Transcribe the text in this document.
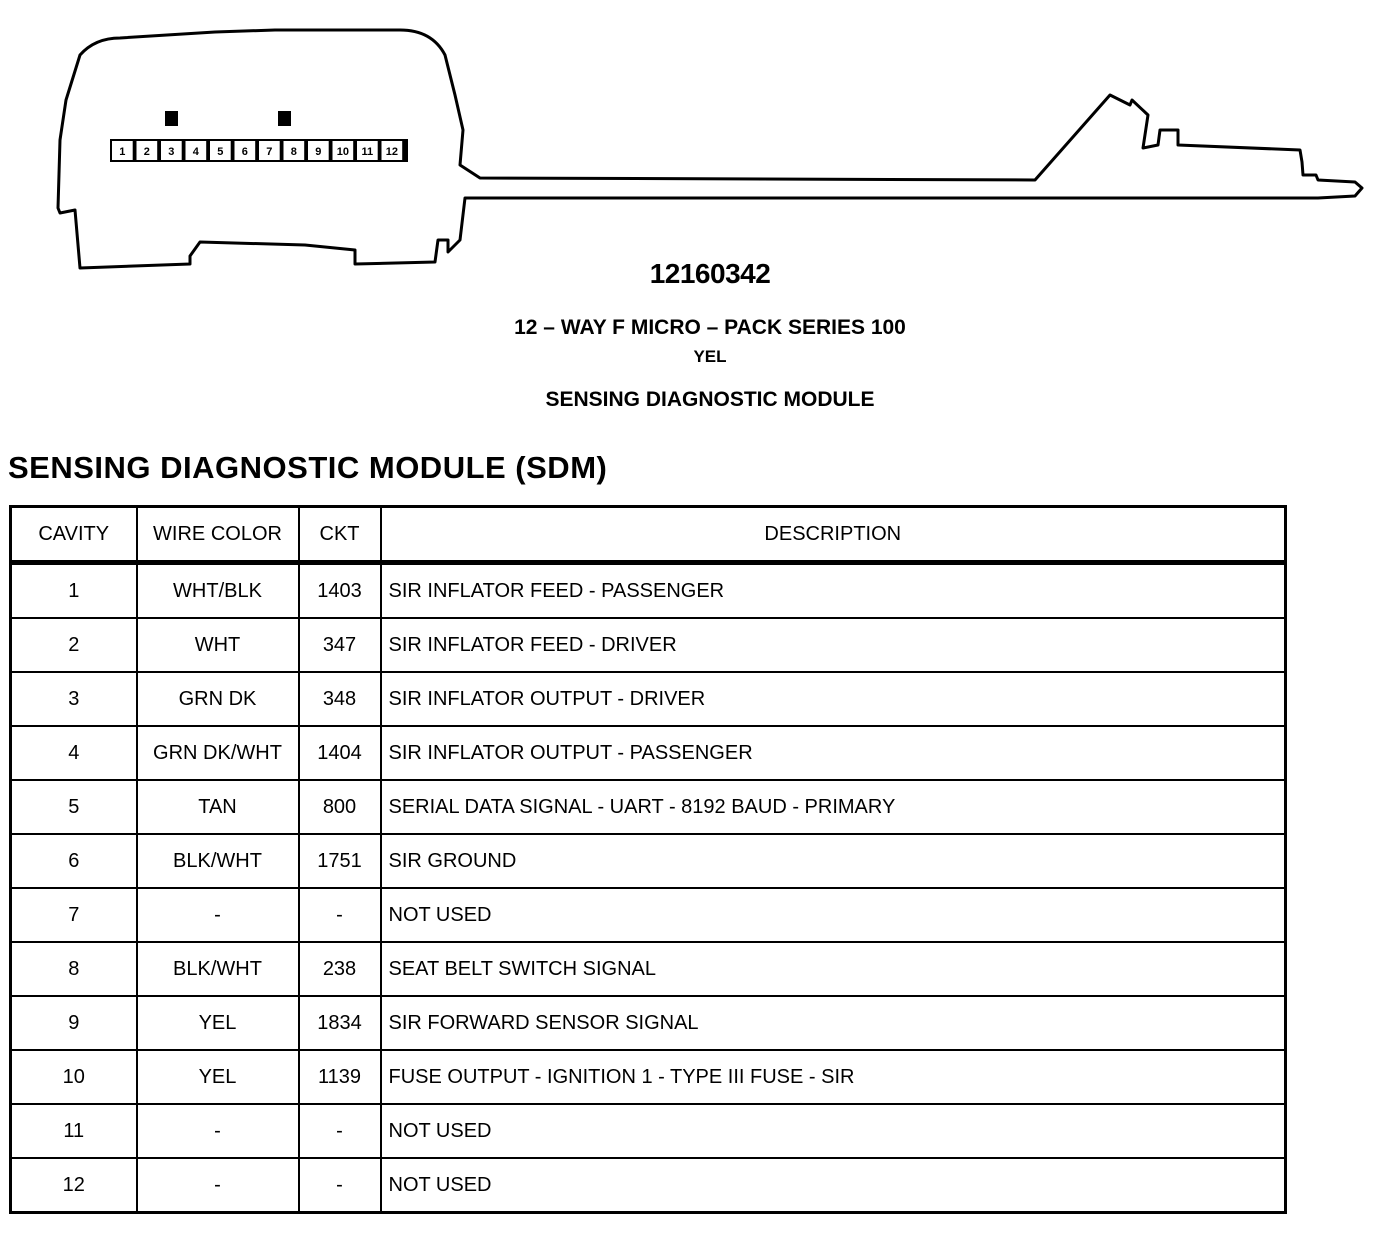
1 2 3 4 5 6 7 8 9 10 11 12
12160342
12 – WAY F MICRO – PACK SERIES 100
YEL
SENSING DIAGNOSTIC MODULE
SENSING DIAGNOSTIC MODULE (SDM)
CAVITY	WIRE COLOR	CKT	DESCRIPTION
1	WHT/BLK	1403	SIR INFLATOR FEED - PASSENGER
2	WHT	347	SIR INFLATOR FEED - DRIVER
3	GRN DK	348	SIR INFLATOR OUTPUT - DRIVER
4	GRN DK/WHT	1404	SIR INFLATOR OUTPUT - PASSENGER
5	TAN	800	SERIAL DATA SIGNAL - UART - 8192 BAUD - PRIMARY
6	BLK/WHT	1751	SIR GROUND
7	-	-	NOT USED
8	BLK/WHT	238	SEAT BELT SWITCH SIGNAL
9	YEL	1834	SIR FORWARD SENSOR SIGNAL
10	YEL	1139	FUSE OUTPUT - IGNITION 1 - TYPE III FUSE - SIR
11	-	-	NOT USED
12	-	-	NOT USED
